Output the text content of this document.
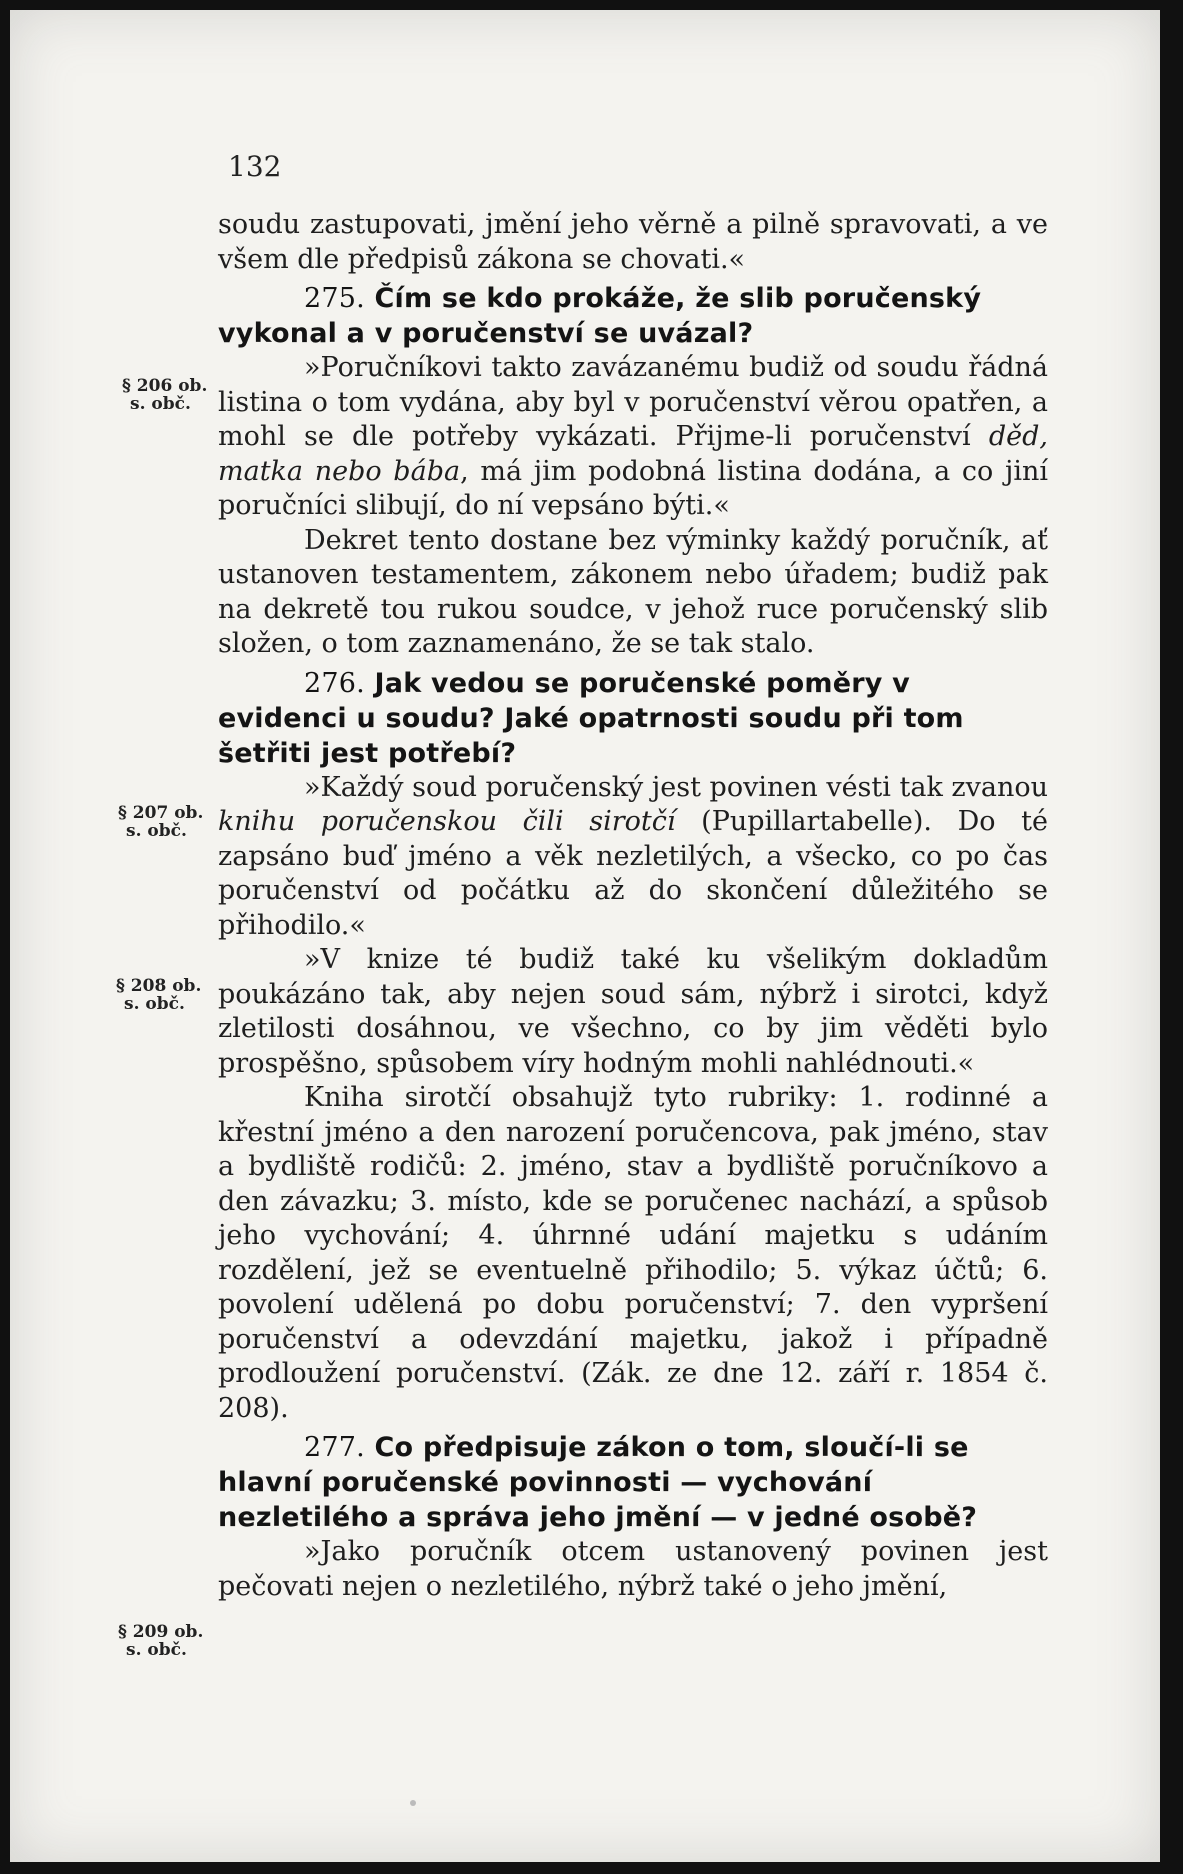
132
§ 206 ob.
s. obč.
§ 207 ob.
s. obč.
§ 208 ob.
s. obč.
§ 209 ob.
s. obč.

soudu zastupovati, jmění jeho věrně a pilně spravovati, a ve všem dle předpisů zákona se chovati.«

275. Čím se kdo prokáže, že slib poručenský vykonal a v poručenství se uvázal?

»Poručníkovi takto zavázanému budiž od soudu řádná listina o tom vydána, aby byl v poručenství věrou opatřen, a mohl se dle potřeby vykázati. Přijme-li poručenství děd, matka nebo bába, má jim podobná listina dodána, a co jiní poručníci slibují, do ní vepsáno býti.«

Dekret tento dostane bez výminky každý poručník, ať ustanoven testamentem, zákonem nebo úřadem; budiž pak na dekretě tou rukou soudce, v jehož ruce poručenský slib složen, o tom zaznamenáno, že se tak stalo.

276. Jak vedou se poručenské poměry v evidenci u soudu? Jaké opatrnosti soudu při tom šetřiti jest potřebí?

»Každý soud poručenský jest povinen vésti tak zvanou knihu poručenskou čili sirotčí (Pupillartabelle). Do té zapsáno buď jméno a věk nezletilých, a všecko, co po čas poručenství od počátku až do skončení důležitého se přihodilo.«

»V knize té budiž také ku všelikým dokladům poukázáno tak, aby nejen soud sám, nýbrž i sirotci, když zletilosti dosáhnou, ve všechno, co by jim věděti bylo prospěšno, spůsobem víry hodným mohli nahlédnouti.«

Kniha sirotčí obsahujž tyto rubriky: 1. rodinné a křestní jméno a den narození poručencova, pak jméno, stav a bydliště rodičů: 2. jméno, stav a bydliště poručníkovo a den závazku; 3. místo, kde se poručenec nachází, a spůsob jeho vychování; 4. úhrnné udání majetku s udáním rozdělení, jež se eventuelně přihodilo; 5. výkaz účtů; 6. povolení udělená po dobu poručenství; 7. den vypršení poručenství a odevzdání majetku, jakož i případně prodloužení poručenství. (Zák. ze dne 12. září r. 1854 č. 208).

277. Co předpisuje zákon o tom, sloučí-li se hlavní poručenské povinnosti — vychování nezletilého a správa jeho jmění — v jedné osobě?

»Jako poručník otcem ustanovený povinen jest pečovati nejen o nezletilého, nýbrž také o jeho jmění,
